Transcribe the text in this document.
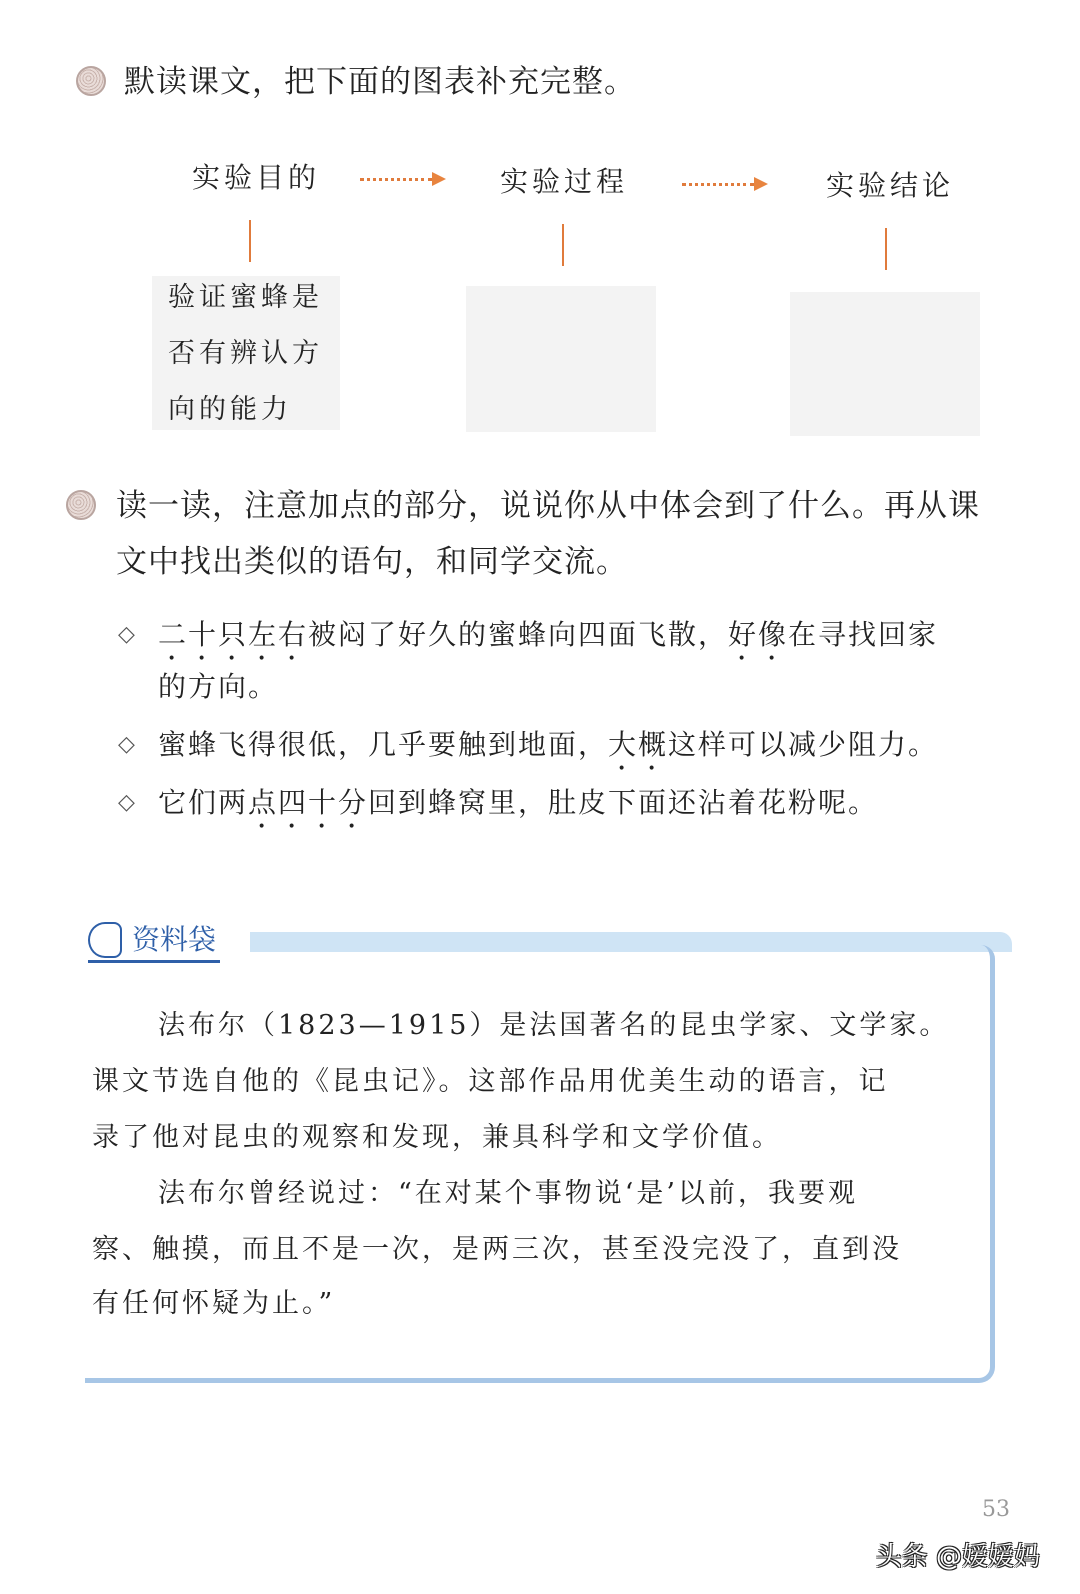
默读课文，把下面的图表补充完整。
实验目的	实验过程	实验结论
验证蜜蜂是
否有辨认方
向的能力
读一读，注意加点的部分，说说你从中体会到了什么。再从课
文中找出类似的语句，和同学交流。
◇ 二十只左右被闷了好久的蜜蜂向四面飞散，好像在寻找回家
的方向。
◇ 蜜蜂飞得很低，几乎要触到地面，大概这样可以减少阻力。
◇ 它们两点四十分回到蜂窝里，肚皮下面还沾着花粉呢。
资料袋
法布尔（1823—1915）是法国著名的昆虫学家、文学家。
课文节选自他的《昆虫记》。这部作品用优美生动的语言，记
录了他对昆虫的观察和发现，兼具科学和文学价值。
法布尔曾经说过：“在对某个事物说‘是’以前，我要观
察、触摸，而且不是一次，是两三次，甚至没完没了，直到没
有任何怀疑为止。”
53
头条 @嫒嫒妈
